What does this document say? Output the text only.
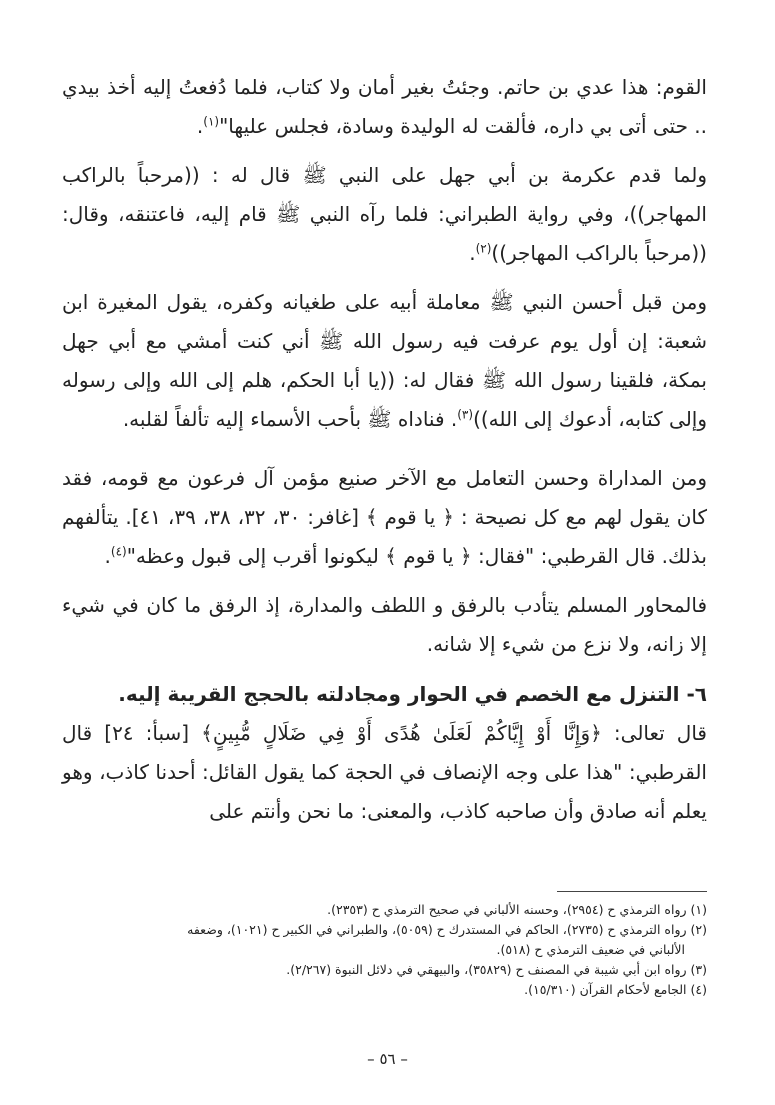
القوم: هذا عدي بن حاتم. وجئتُ بغير أمان ولا كتاب، فلما دُفعتُ إليه أخذ بيدي .. حتى أتى بي داره، فألقت له الوليدة وسادة، فجلس عليها"$^{(١)}$.

ولما قدم عكرمة بن أبي جهل على النبي ﷺ قال له : ((مرحباً بالراكب المهاجر))، وفي رواية الطبراني: فلما رآه النبي ﷺ قام إليه، فاعتنقه، وقال: ((مرحباً بالراكب المهاجر))$^{(٢)}$.

ومن قبل أحسن النبي ﷺ معاملة أبيه على طغيانه وكفره، يقول المغيرة ابن شعبة: إن أول يوم عرفت فيه رسول الله ﷺ أني كنت أمشي مع أبي جهل بمكة، فلقينا رسول الله ﷺ فقال له: ((يا أبا الحكم، هلم إلى الله وإلى رسوله وإلى كتابه، أدعوك إلى الله))$^{(٣)}$. فناداه ﷺ بأحب الأسماء إليه تألفاً لقلبه.

ومن المداراة وحسن التعامل مع الآخر صنيع مؤمن آل فرعون مع قومه، فقد كان يقول لهم مع كل نصيحة : ﴿ يا قوم ﴾ [غافر: ٣٠، ٣٢، ٣٨، ٣٩، ٤١]. يتألفهم بذلك. قال القرطبي: "فقال: ﴿ يا قوم ﴾ ليكونوا أقرب إلى قبول وعظه"$^{(٤)}$.

فالمحاور المسلم يتأدب بالرفق و اللطف والمدارة، إذ الرفق ما كان في شيء إلا زانه، ولا نزع من شيء إلا شانه.

٦- التنزل مع الخصم في الحوار ومجادلته بالحجج القريبة إليه.

قال تعالى: ﴿وَإِنَّا أَوْ إِيَّاكُمْ لَعَلَىٰ هُدًى أَوْ فِي ضَلَالٍ مُّبِينٍ﴾ [سبأ: ٢٤] قال القرطبي: "هذا على وجه الإنصاف في الحجة كما يقول القائل: أحدنا كاذب، وهو يعلم أنه صادق وأن صاحبه كاذب، والمعنى: ما نحن وأنتم على

(١) رواه الترمذي ح (٢٩٥٤)، وحسنه الألباني في صحيح الترمذي ح (٢٣٥٣).

(٢) رواه الترمذي ح (٢٧٣٥)، الحاكم في المستدرك ح (٥٠٥٩)، والطبراني في الكبير ح (١٠٢١)، وضعفه

الألباني في ضعيف الترمذي ح (٥١٨).

(٣) رواه ابن أبي شيبة في المصنف ح (٣٥٨٢٩)، والبيهقي في دلائل النبوة (٢/٢٦٧).

(٤) الجامع لأحكام القرآن (١٥/٣١٠).

– ٥٦ –
